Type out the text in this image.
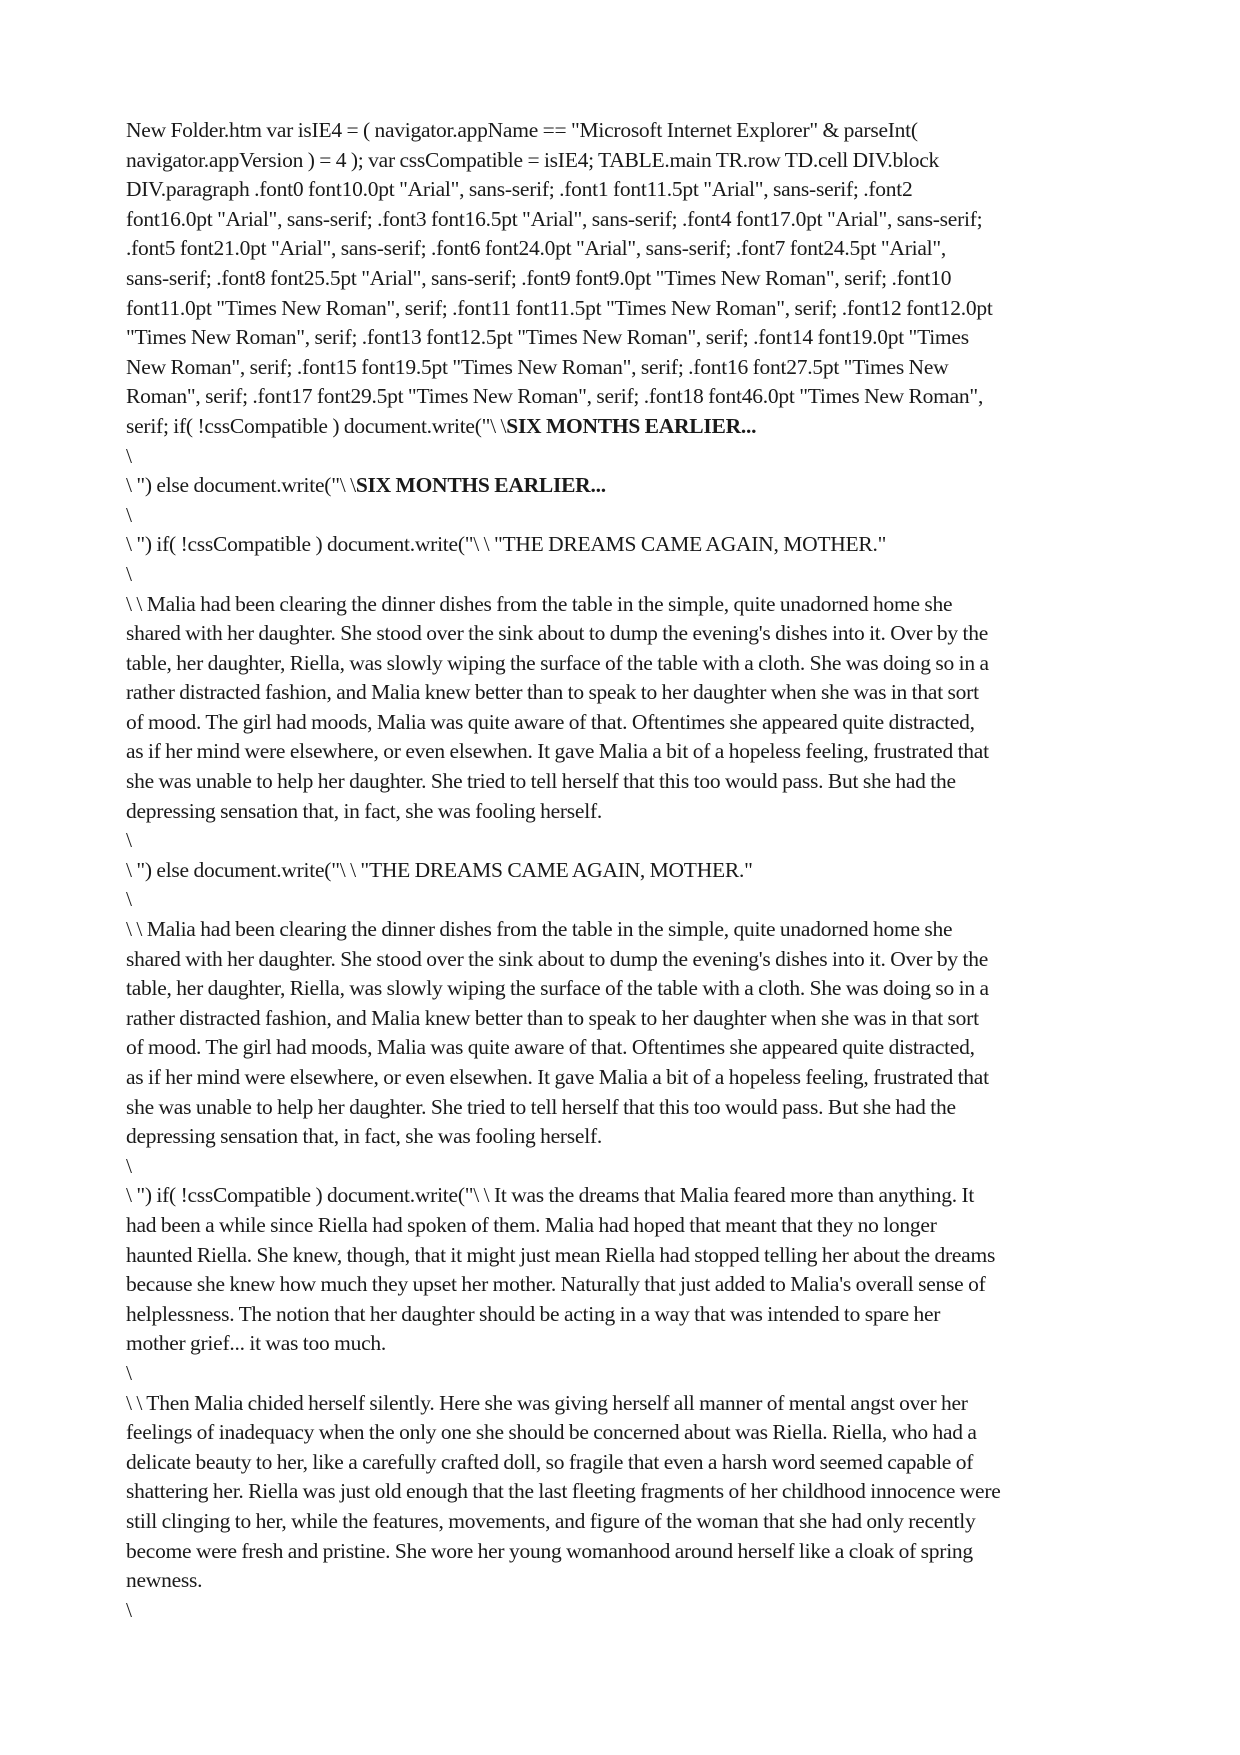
New Folder.htm var isIE4 = ( navigator.appName == "Microsoft Internet Explorer" & parseInt(
navigator.appVersion ) = 4 ); var cssCompatible = isIE4; TABLE.main TR.row TD.cell DIV.block
DIV.paragraph .font0 font10.0pt "Arial", sans-serif; .font1 font11.5pt "Arial", sans-serif; .font2
font16.0pt "Arial", sans-serif; .font3 font16.5pt "Arial", sans-serif; .font4 font17.0pt "Arial", sans-serif;
.font5 font21.0pt "Arial", sans-serif; .font6 font24.0pt "Arial", sans-serif; .font7 font24.5pt "Arial",
sans-serif; .font8 font25.5pt "Arial", sans-serif; .font9 font9.0pt "Times New Roman", serif; .font10
font11.0pt "Times New Roman", serif; .font11 font11.5pt "Times New Roman", serif; .font12 font12.0pt
"Times New Roman", serif; .font13 font12.5pt "Times New Roman", serif; .font14 font19.0pt "Times
New Roman", serif; .font15 font19.5pt "Times New Roman", serif; .font16 font27.5pt "Times New
Roman", serif; .font17 font29.5pt "Times New Roman", serif; .font18 font46.0pt "Times New Roman",
serif; if( !cssCompatible ) document.write("\ \SIX MONTHS EARLIER...
\
\ ") else document.write("\ \SIX MONTHS EARLIER...
\
\ ") if( !cssCompatible ) document.write("\ \ "THE DREAMS CAME AGAIN, MOTHER."
\
\ \ Malia had been clearing the dinner dishes from the table in the simple, quite unadorned home she
shared with her daughter. She stood over the sink about to dump the evening's dishes into it. Over by the
table, her daughter, Riella, was slowly wiping the surface of the table with a cloth. She was doing so in a
rather distracted fashion, and Malia knew better than to speak to her daughter when she was in that sort
of mood. The girl had moods, Malia was quite aware of that. Oftentimes she appeared quite distracted,
as if her mind were elsewhere, or even elsewhen. It gave Malia a bit of a hopeless feeling, frustrated that
she was unable to help her daughter. She tried to tell herself that this too would pass. But she had the
depressing sensation that, in fact, she was fooling herself.
\
\ ") else document.write("\ \ "THE DREAMS CAME AGAIN, MOTHER."
\
\ \ Malia had been clearing the dinner dishes from the table in the simple, quite unadorned home she
shared with her daughter. She stood over the sink about to dump the evening's dishes into it. Over by the
table, her daughter, Riella, was slowly wiping the surface of the table with a cloth. She was doing so in a
rather distracted fashion, and Malia knew better than to speak to her daughter when she was in that sort
of mood. The girl had moods, Malia was quite aware of that. Oftentimes she appeared quite distracted,
as if her mind were elsewhere, or even elsewhen. It gave Malia a bit of a hopeless feeling, frustrated that
she was unable to help her daughter. She tried to tell herself that this too would pass. But she had the
depressing sensation that, in fact, she was fooling herself.
\
\ ") if( !cssCompatible ) document.write("\ \ It was the dreams that Malia feared more than anything. It
had been a while since Riella had spoken of them. Malia had hoped that meant that they no longer
haunted Riella. She knew, though, that it might just mean Riella had stopped telling her about the dreams
because she knew how much they upset her mother. Naturally that just added to Malia's overall sense of
helplessness. The notion that her daughter should be acting in a way that was intended to spare her
mother grief... it was too much.
\
\ \ Then Malia chided herself silently. Here she was giving herself all manner of mental angst over her
feelings of inadequacy when the only one she should be concerned about was Riella. Riella, who had a
delicate beauty to her, like a carefully crafted doll, so fragile that even a harsh word seemed capable of
shattering her. Riella was just old enough that the last fleeting fragments of her childhood innocence were
still clinging to her, while the features, movements, and figure of the woman that she had only recently
become were fresh and pristine. She wore her young womanhood around herself like a cloak of spring
newness.
\
